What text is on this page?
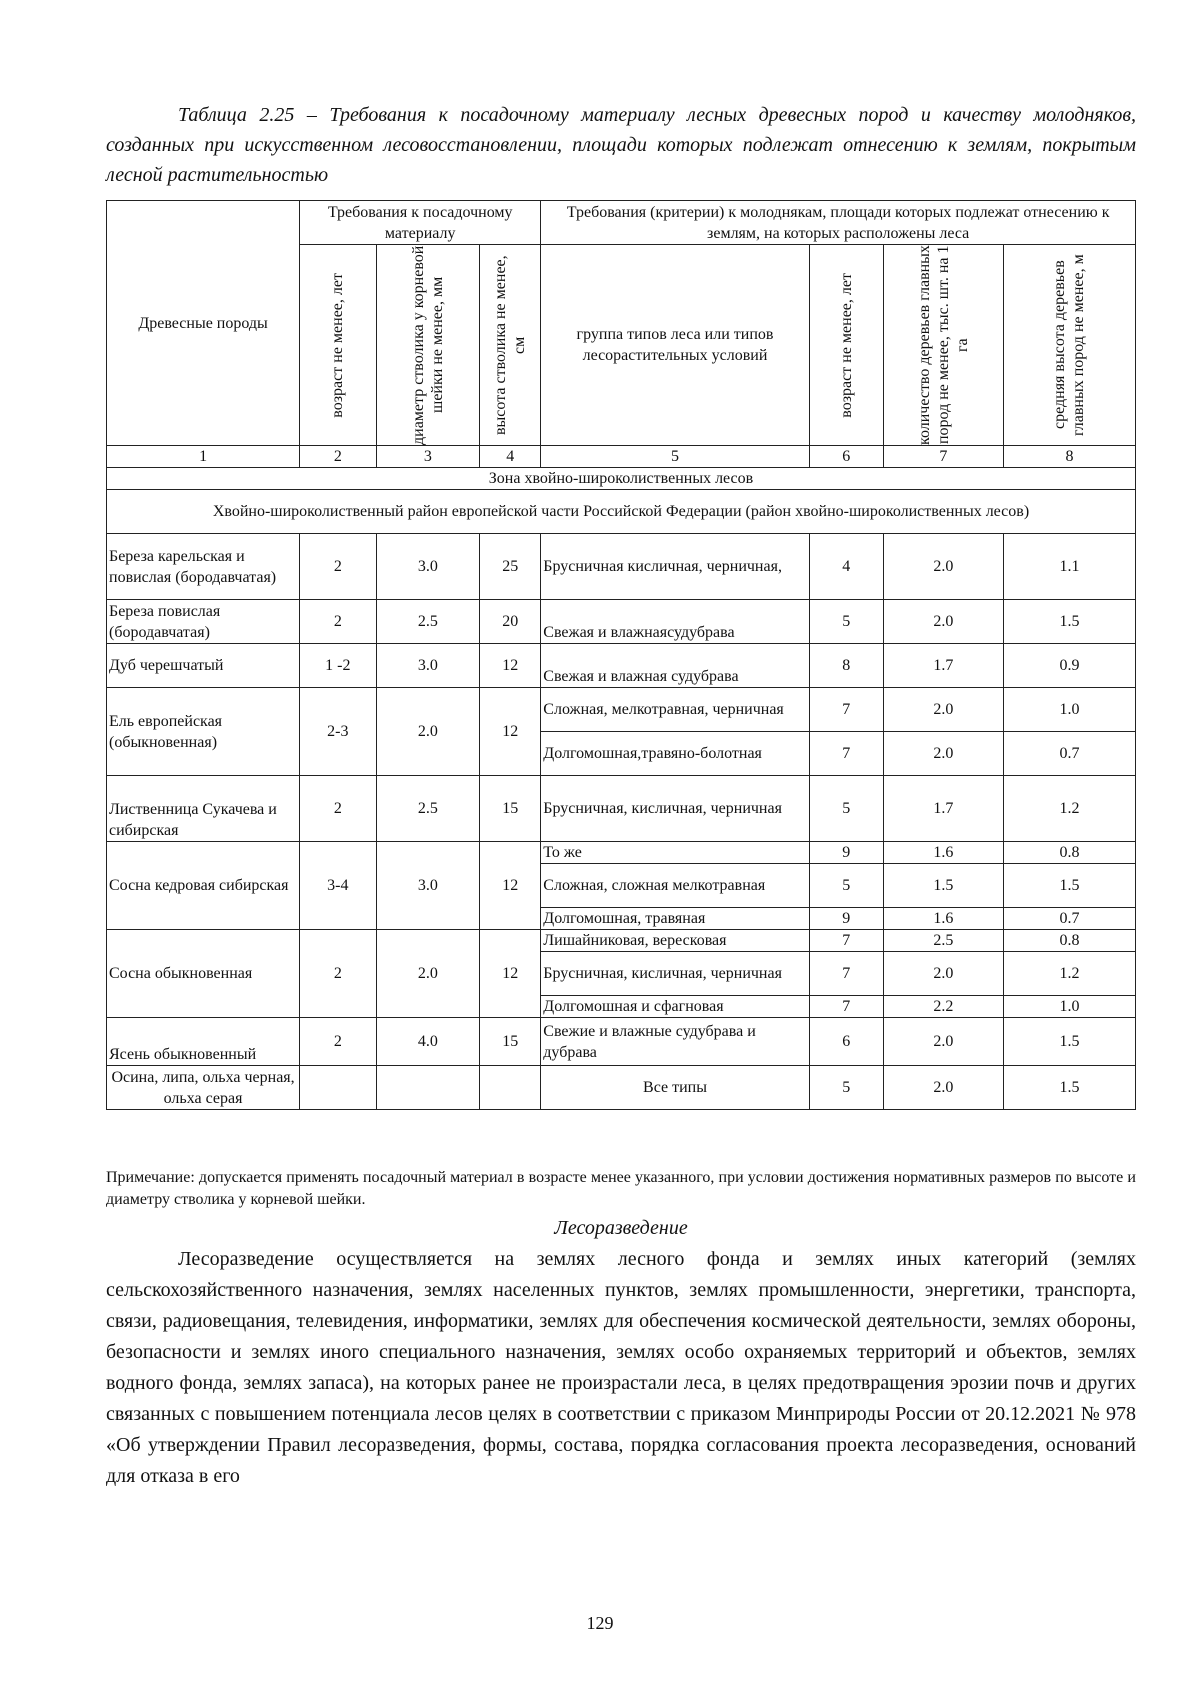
Таблица 2.25 – Требования к посадочному материалу лесных древесных пород и качеству молодняков, созданных при искусственном лесовосстановлении, площади которых подлежат отнесению к землям, покрытым лесной растительностью
Древесные породы	Требования к посадочному материалу			Требования (критерии) к молоднякам, площади которых подлежат отнесению к землям, на которых расположены леса			

	возраст не менее, лет	диаметр стволика у корневой шейки не менее, мм	высота стволика не менее, см	группа типов леса или типов лесорастительных условий	возраст не менее, лет	количество деревьев главных пород не менее, тыс. шт. на 1 га	средняя высота деревьев главных пород не менее, м

1	2	3	4	5	6	7	8
Зона хвойно-широколиственных лесов							
Хвойно-широколиственный район европейской части Российской Федерации (район хвойно-широколиственных лесов)							
Береза карельская и повислая (бородавчатая)	2	3.0	25	Брусничная кисличная, черничная,	4	2.0	1.1
Береза повислая (бородавчатая)	2	2.5	20	Свежая и влажнаясудубрава	5	2.0	1.5
Дуб черешчатый	1 -2	3.0	12	Свежая и влажная судубрава	8	1.7	0.9
Ель европейская (обыкновенная)	2-3	2.0	12	Сложная, мелкотравная, черничная	7	2.0	1.0
				Долгомошная,травяно-болотная	7	2.0	0.7
Лиственница Сукачева и сибирская	2	2.5	15	Брусничная, кисличная, черничная	5	1.7	1.2
Сосна кедровая сибирская	3-4	3.0	12	То же	9	1.6	0.8
				Сложная, сложная мелкотравная	5	1.5	1.5
				Долгомошная, травяная	9	1.6	0.7
Сосна обыкновенная	2	2.0	12	Лишайниковая, вересковая	7	2.5	0.8
				Брусничная, кисличная, черничная	7	2.0	1.2
				Долгомошная и сфагновая	7	2.2	1.0
Ясень обыкновенный	2	4.0	15	Свежие и влажные судубрава и дубрава	6	2.0	1.5
Осина, липа, ольха черная, ольха серая				Все типы	5	2.0	1.5
Примечание: допускается применять посадочный материал в возрасте менее указанного, при условии достижения нормативных размеров по высоте и диаметру стволика у корневой шейки.
Лесоразведение
Лесоразведение осуществляется на землях лесного фонда и землях иных категорий (землях сельскохозяйственного назначения, землях населенных пунктов, землях промышленности, энергетики, транспорта, связи, радиовещания, телевидения, информатики, землях для обеспечения космической деятельности, землях обороны, безопасности и землях иного специального назначения, землях особо охраняемых территорий и объектов, землях водного фонда, землях запаса), на которых ранее не произрастали леса, в целях предотвращения эрозии почв и других связанных с повышением потенциала лесов целях в соответствии с приказом Минприроды России от 20.12.2021 № 978 «Об утверждении Правил лесоразведения, формы, состава, порядка согласования проекта лесоразведения, оснований для отказа в его
129
